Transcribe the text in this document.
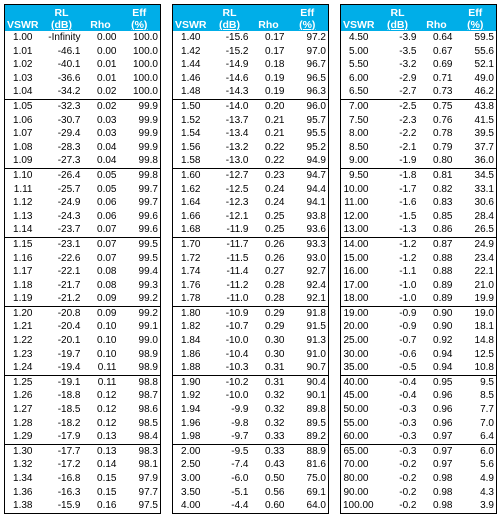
VSWR	RL
(dB)	Rho	Eff
(%)

1.00	-Infinity	0.00	100.0
1.01	-46.1	0.00	100.0
1.02	-40.1	0.01	100.0
1.03	-36.6	0.01	100.0
1.04	-34.2	0.02	100.0
1.05	-32.3	0.02	99.9
1.06	-30.7	0.03	99.9
1.07	-29.4	0.03	99.9
1.08	-28.3	0.04	99.9
1.09	-27.3	0.04	99.8
1.10	-26.4	0.05	99.8
1.11	-25.7	0.05	99.7
1.12	-24.9	0.06	99.7
1.13	-24.3	0.06	99.6
1.14	-23.7	0.07	99.6
1.15	-23.1	0.07	99.5
1.16	-22.6	0.07	99.5
1.17	-22.1	0.08	99.4
1.18	-21.7	0.08	99.3
1.19	-21.2	0.09	99.2
1.20	-20.8	0.09	99.2
1.21	-20.4	0.10	99.1
1.22	-20.1	0.10	99.0
1.23	-19.7	0.10	98.9
1.24	-19.4	0.11	98.9
1.25	-19.1	0.11	98.8
1.26	-18.8	0.12	98.7
1.27	-18.5	0.12	98.6
1.28	-18.2	0.12	98.5
1.29	-17.9	0.13	98.4
1.30	-17.7	0.13	98.3
1.32	-17.2	0.14	98.1
1.34	-16.8	0.15	97.9
1.36	-16.3	0.15	97.7
1.38	-15.9	0.16	97.5
VSWR	RL
(dB)	Rho	Eff
(%)

1.40	-15.6	0.17	97.2
1.42	-15.2	0.17	97.0
1.44	-14.9	0.18	96.7
1.46	-14.6	0.19	96.5
1.48	-14.3	0.19	96.3
1.50	-14.0	0.20	96.0
1.52	-13.7	0.21	95.7
1.54	-13.4	0.21	95.5
1.56	-13.2	0.22	95.2
1.58	-13.0	0.22	94.9
1.60	-12.7	0.23	94.7
1.62	-12.5	0.24	94.4
1.64	-12.3	0.24	94.1
1.66	-12.1	0.25	93.8
1.68	-11.9	0.25	93.6
1.70	-11.7	0.26	93.3
1.72	-11.5	0.26	93.0
1.74	-11.4	0.27	92.7
1.76	-11.2	0.28	92.4
1.78	-11.0	0.28	92.1
1.80	-10.9	0.29	91.8
1.82	-10.7	0.29	91.5
1.84	-10.0	0.30	91.3
1.86	-10.4	0.30	91.0
1.88	-10.3	0.31	90.7
1.90	-10.2	0.31	90.4
1.92	-10.0	0.32	90.1
1.94	-9.9	0.32	89.8
1.96	-9.8	0.32	89.5
1.98	-9.7	0.33	89.2
2.00	-9.5	0.33	88.9
2.50	-7.4	0.43	81.6
3.00	-6.0	0.50	75.0
3.50	-5.1	0.56	69.1
4.00	-4.4	0.60	64.0
VSWR	RL
(dB)	Rho	Eff
(%)

4.50	-3.9	0.64	59.5
5.00	-3.5	0.67	55.6
5.50	-3.2	0.69	52.1
6.00	-2.9	0.71	49.0
6.50	-2.7	0.73	46.2
7.00	-2.5	0.75	43.8
7.50	-2.3	0.76	41.5
8.00	-2.2	0.78	39.5
8.50	-2.1	0.79	37.7
9.00	-1.9	0.80	36.0
9.50	-1.8	0.81	34.5
10.00	-1.7	0.82	33.1
11.00	-1.6	0.83	30.6
12.00	-1.5	0.85	28.4
13.00	-1.3	0.86	26.5
14.00	-1.2	0.87	24.9
15.00	-1.2	0.88	23.4
16.00	-1.1	0.88	22.1
17.00	-1.0	0.89	21.0
18.00	-1.0	0.89	19.9
19.00	-0.9	0.90	19.0
20.00	-0.9	0.90	18.1
25.00	-0.7	0.92	14.8
30.00	-0.6	0.94	12.5
35.00	-0.5	0.94	10.8
40.00	-0.4	0.95	9.5
45.00	-0.4	0.96	8.5
50.00	-0.3	0.96	7.7
55.00	-0.3	0.96	7.0
60.00	-0.3	0.97	6.4
65.00	-0.3	0.97	6.0
70.00	-0.2	0.97	5.6
80.00	-0.2	0.98	4.9
90.00	-0.2	0.98	4.3
100.00	-0.2	0.98	3.9
